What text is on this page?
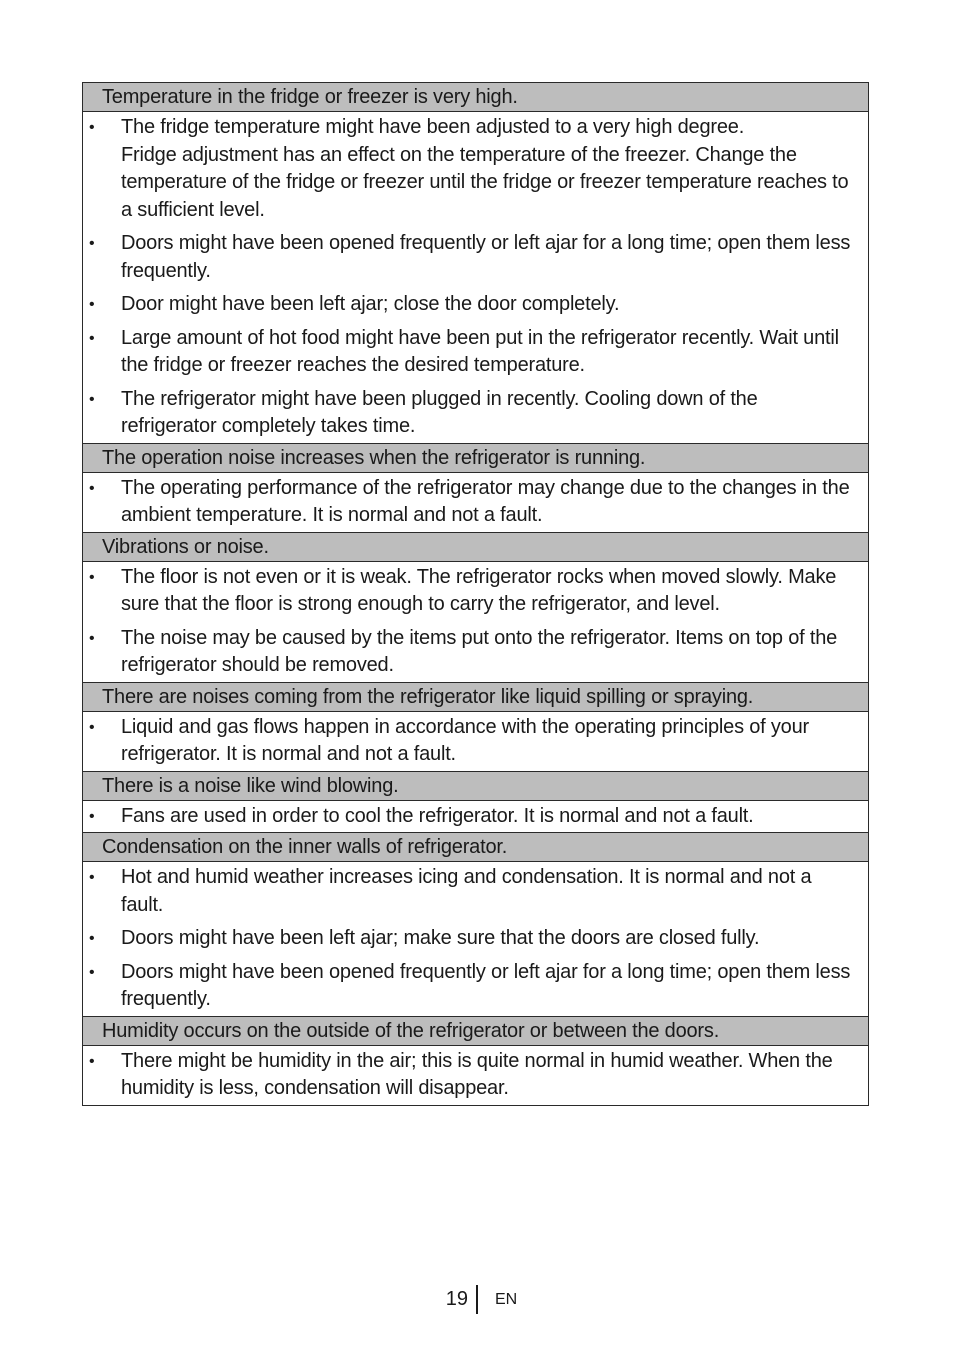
Temperature in the fridge or freezer is very high.
•	The fridge temperature might have been adjusted to a very high degree.
Fridge adjustment has an effect on the temperature of the freezer. Change the temperature of the fridge or freezer until the fridge or freezer temperature reaches to a sufficient level.
•	Doors might have been opened frequently or left ajar for a long time; open them less frequently.
•	Door might have been left ajar; close the door completely.
•	Large amount of hot food might have been put in the refrigerator recently. Wait until the fridge or freezer reaches the desired temperature.
•	The refrigerator might have been plugged in recently. Cooling down of the refrigerator completely takes time.
The operation noise increases when the refrigerator is running.
•	The operating performance of the refrigerator may change due to the changes in the ambient temperature. It is normal and not a fault.
Vibrations or noise.
•	The floor is not even or it is weak. The refrigerator rocks when moved slowly. Make sure that the floor is strong enough to carry the refrigerator, and level.
•	The noise may be caused by the items put onto the refrigerator. Items on top of the refrigerator should be removed.
There are noises coming from the refrigerator like liquid spilling or spraying.
•	Liquid and gas flows happen in accordance with the operating principles of your refrigerator. It is normal and not a fault.
There is a noise like wind blowing.
•	Fans are used in order to cool the refrigerator. It is normal and not a fault.
Condensation on the inner walls of refrigerator.
•	Hot and humid weather increases icing and condensation. It is normal and not a fault.
•	Doors might have been left ajar; make sure that the doors are closed fully.
•	Doors might have been opened frequently or left ajar for a long time; open them less frequently.
Humidity occurs on the outside of the refrigerator or between the doors.
•	There might be humidity in the air; this is quite normal in humid weather. When the humidity is less, condensation will disappear.
19 EN
